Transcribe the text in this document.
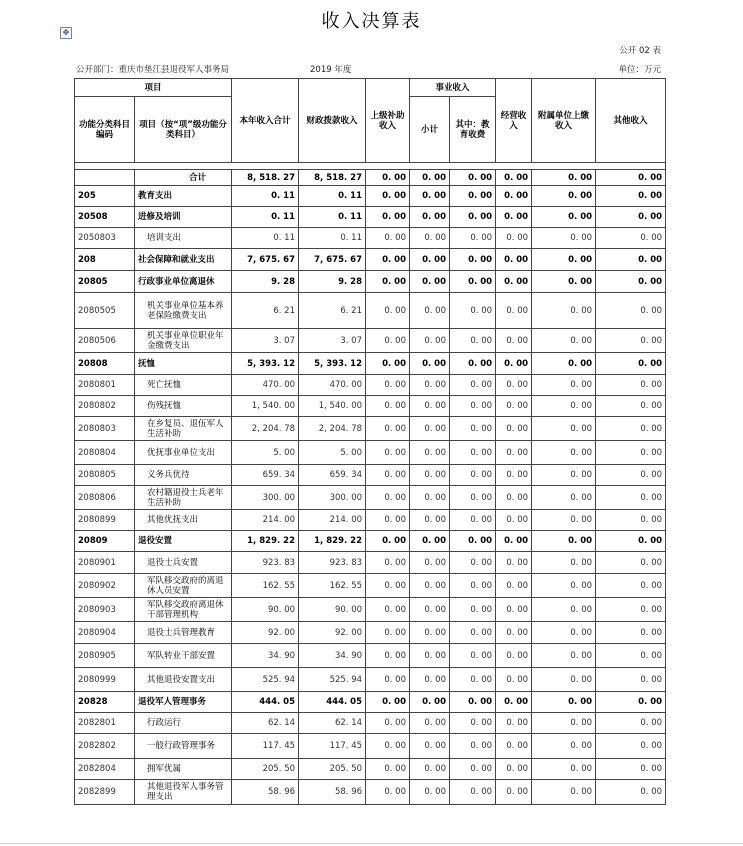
收入决算表
✥
公开 02 表
公开部门：重庆市垫江县退役军人事务局	2019 年度	单位：万元
项目		本年收入合计	财政拨款收入	上级补助收入	事业收入		经营收入	附属单位上缴收入	其他收入
功能分类科目编码	项目（按“项”级功能分类科目）				小计	其中：教育收费			

	合计	8, 518. 27	8, 518. 27	0. 00	0. 00	0. 00	0. 00	0. 00	0. 00
205	教育支出	0. 11	0. 11	0. 00	0. 00	0. 00	0. 00	0. 00	0. 00
20508	进修及培训	0. 11	0. 11	0. 00	0. 00	0. 00	0. 00	0. 00	0. 00
2050803	培训支出	0. 11	0. 11	0. 00	0. 00	0. 00	0. 00	0. 00	0. 00
208	社会保障和就业支出	7, 675. 67	7, 675. 67	0. 00	0. 00	0. 00	0. 00	0. 00	0. 00
20805	行政事业单位离退休	9. 28	9. 28	0. 00	0. 00	0. 00	0. 00	0. 00	0. 00
2080505	机关事业单位基本养老保险缴费支出	6. 21	6. 21	0. 00	0. 00	0. 00	0. 00	0. 00	0. 00
2080506	机关事业单位职业年金缴费支出	3. 07	3. 07	0. 00	0. 00	0. 00	0. 00	0. 00	0. 00
20808	抚恤	5, 393. 12	5, 393. 12	0. 00	0. 00	0. 00	0. 00	0. 00	0. 00
2080801	死亡抚恤	470. 00	470. 00	0. 00	0. 00	0. 00	0. 00	0. 00	0. 00
2080802	伤残抚恤	1, 540. 00	1, 540. 00	0. 00	0. 00	0. 00	0. 00	0. 00	0. 00
2080803	在乡复员、退伍军人生活补助	2, 204. 78	2, 204. 78	0. 00	0. 00	0. 00	0. 00	0. 00	0. 00
2080804	优抚事业单位支出	5. 00	5. 00	0. 00	0. 00	0. 00	0. 00	0. 00	0. 00
2080805	义务兵优待	659. 34	659. 34	0. 00	0. 00	0. 00	0. 00	0. 00	0. 00
2080806	农村籍退役士兵老年生活补助	300. 00	300. 00	0. 00	0. 00	0. 00	0. 00	0. 00	0. 00
2080899	其他优抚支出	214. 00	214. 00	0. 00	0. 00	0. 00	0. 00	0. 00	0. 00
20809	退役安置	1, 829. 22	1, 829. 22	0. 00	0. 00	0. 00	0. 00	0. 00	0. 00
2080901	退役士兵安置	923. 83	923. 83	0. 00	0. 00	0. 00	0. 00	0. 00	0. 00
2080902	军队移交政府的离退休人员安置	162. 55	162. 55	0. 00	0. 00	0. 00	0. 00	0. 00	0. 00
2080903	军队移交政府离退休干部管理机构	90. 00	90. 00	0. 00	0. 00	0. 00	0. 00	0. 00	0. 00
2080904	退役士兵管理教育	92. 00	92. 00	0. 00	0. 00	0. 00	0. 00	0. 00	0. 00
2080905	军队转业干部安置	34. 90	34. 90	0. 00	0. 00	0. 00	0. 00	0. 00	0. 00
2080999	其他退役安置支出	525. 94	525. 94	0. 00	0. 00	0. 00	0. 00	0. 00	0. 00
20828	退役军人管理事务	444. 05	444. 05	0. 00	0. 00	0. 00	0. 00	0. 00	0. 00
2082801	行政运行	62. 14	62. 14	0. 00	0. 00	0. 00	0. 00	0. 00	0. 00
2082802	一般行政管理事务	117. 45	117. 45	0. 00	0. 00	0. 00	0. 00	0. 00	0. 00
2082804	拥军优属	205. 50	205. 50	0. 00	0. 00	0. 00	0. 00	0. 00	0. 00
2082899	其他退役军人事务管理支出	58. 96	58. 96	0. 00	0. 00	0. 00	0. 00	0. 00	0. 00
